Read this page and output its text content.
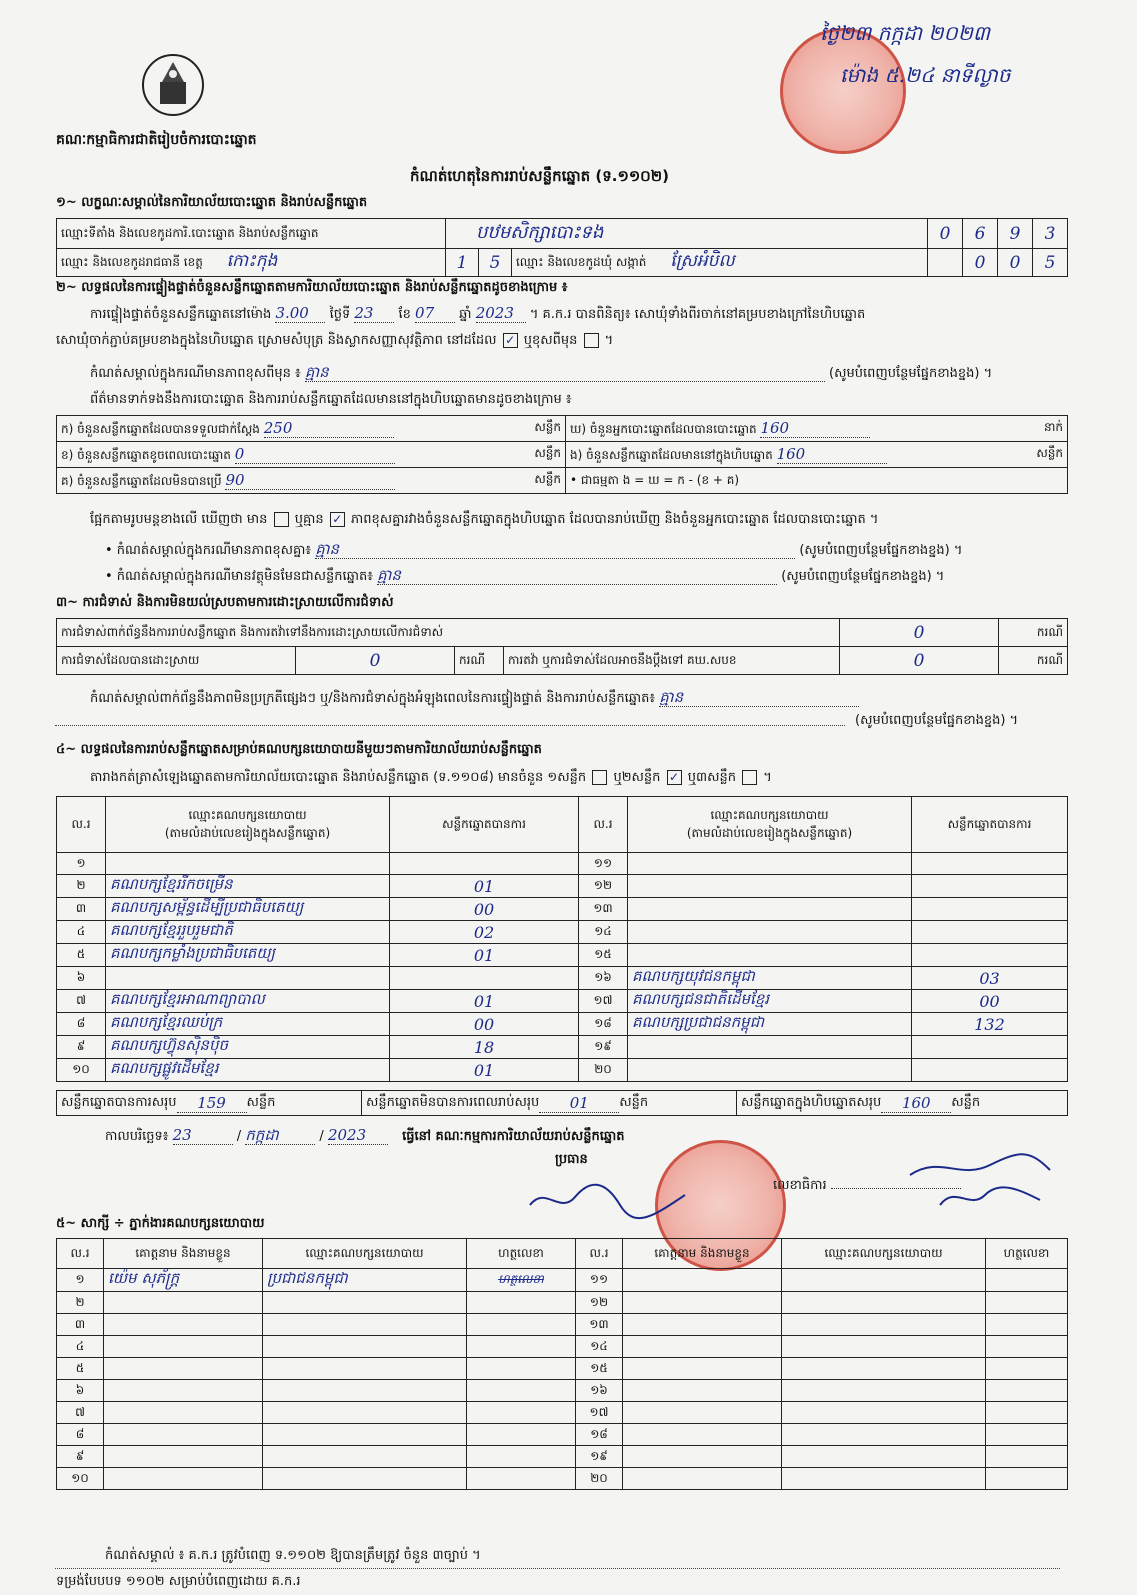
គណៈកម្មាធិការជាតិរៀបចំការបោះឆ្នោត
ថ្ងៃ២៣ កក្កដា ២០២៣
ម៉ោង ៥.២៤ នាទីល្ងាច
កំណត់ហេតុនៃការរាប់សន្លឹកឆ្នោត (ទ.១១០២)
១~ លក្ខណៈសម្គាល់នៃការិយាល័យបោះឆ្នោត និងរាប់សន្លឹកឆ្នោត
ឈ្មោះទីតាំង និងលេខកូដការិ.បោះឆ្នោត និងរាប់សន្លឹកឆ្នោត	បឋមសិក្សាបោះទង			0	6	9	3
ឈ្មោះ និងលេខកូដរាជធានី ខេត្ត កោះកុង	1	5	ឈ្មោះ និងលេខកូដឃុំ សង្កាត់ ស្រែអំបិល		0	0	5
២~ លទ្ធផលនៃការផ្ទៀងផ្ទាត់ចំនួនសន្លឹកឆ្នោតតាមការិយាល័យបោះឆ្នោត និងរាប់សន្លឹកឆ្នោតដូចខាងក្រោម ៖
ការផ្ទៀងផ្ទាត់ចំនួនសន្លឹកឆ្នោតនៅម៉ោង 3.00 ថ្ងៃទី 23 ខែ 07 ឆ្នាំ 2023 ។ គ.ក.រ បានពិនិត្យ៖ សោឃុំទាំងពីរចាក់នៅគម្របខាងក្រៅនៃហិបឆ្នោត
សោឃុំចាក់ភ្ជាប់គម្របខាងក្នុងនៃហិបឆ្នោត ស្រោមសំបុត្រ និងស្លាកសញ្ញាសុវត្ថិភាព នៅដដែល ✓ ឬខុសពីមុន  ។
កំណត់សម្គាល់ក្នុងករណីមានភាពខុសពីមុន ៖ គ្មាន	(សូមបំពេញបន្ថែមផ្នែកខាងខ្នង) ។
ព័ត៌មានទាក់ទងនឹងការបោះឆ្នោត និងការរាប់សន្លឹកឆ្នោតដែលមាននៅក្នុងហិបឆ្នោតមានដូចខាងក្រោម ៖
ក) ចំនួនសន្លឹកឆ្នោតដែលបានទទួលជាក់ស្តែង 250 សន្លឹក	ឃ) ចំនួនអ្នកបោះឆ្នោតដែលបានបោះឆ្នោត 160 នាក់

ខ) ចំនួនសន្លឹកឆ្នោតខូចពេលបោះឆ្នោត 0 សន្លឹក	ង) ចំនួនសន្លឹកឆ្នោតដែលមាននៅក្នុងហិបឆ្នោត 160 សន្លឹក

គ) ចំនួនសន្លឹកឆ្នោតដែលមិនបានប្រើ 90 សន្លឹក	• ជាធម្មតា ង = ឃ = ក - (ខ + គ)
ផ្អែកតាមរូបមន្តខាងលើ ឃើញថា មាន ឬគ្មាន ✓ ភាពខុសគ្នារវាងចំនួនសន្លឹកឆ្នោតក្នុងហិបឆ្នោត ដែលបានរាប់ឃើញ និងចំនួនអ្នកបោះឆ្នោត ដែលបានបោះឆ្នោត ។
• កំណត់សម្គាល់ក្នុងករណីមានភាពខុសគ្នា៖ គ្មាន	(សូមបំពេញបន្ថែមផ្នែកខាងខ្នង) ។
• កំណត់សម្គាល់ក្នុងករណីមានវត្ថុមិនមែនជាសន្លឹកឆ្នោត៖ គ្មាន	(សូមបំពេញបន្ថែមផ្នែកខាងខ្នង) ។
៣~ ការជំទាស់ និងការមិនយល់ស្របតាមការដោះស្រាយលើការជំទាស់
ការជំទាស់ពាក់ព័ន្ធនឹងការរាប់សន្លឹកឆ្នោត និងការតវ៉ាទៅនឹងការដោះស្រាយលើការជំទាស់				0	ករណី
ការជំទាស់ដែលបានដោះស្រាយ	0	ករណី	ការតវ៉ា ឬការជំទាស់ដែលអាចនឹងប្តឹងទៅ គឃ.សបខ	0	ករណី
កំណត់សម្គាល់ពាក់ព័ន្ធនឹងភាពមិនប្រក្រតីផ្សេងៗ ឬ/និងការជំទាស់ក្នុងអំឡុងពេលនៃការផ្ទៀងផ្ទាត់ និងការរាប់សន្លឹកឆ្នោត៖ គ្មាន
(សូមបំពេញបន្ថែមផ្នែកខាងខ្នង) ។
៤~ លទ្ធផលនៃការរាប់សន្លឹកឆ្នោតសម្រាប់គណបក្សនយោបាយនីមួយៗតាមការិយាល័យរាប់សន្លឹកឆ្នោត
តារាងកត់ត្រាសំឡេងឆ្នោតតាមការិយាល័យបោះឆ្នោត និងរាប់សន្លឹកឆ្នោត (ទ.១១០៨) មានចំនួន ១សន្លឹក ឬ២សន្លឹក ✓ ឬ៣សន្លឹក  ។
ល.រ	ឈ្មោះគណបក្សនយោបាយ
(តាមលំដាប់លេខរៀងក្នុងសន្លឹកឆ្នោត)	សន្លឹកឆ្នោតបានការ	ល.រ	ឈ្មោះគណបក្សនយោបាយ
(តាមលំដាប់លេខរៀងក្នុងសន្លឹកឆ្នោត)	សន្លឹកឆ្នោតបានការ
១			១១		
២	គណបក្សខ្មែររីកចម្រើន	01	១២		
៣	គណបក្សសម្ព័ន្ធដើម្បីប្រជាធិបតេយ្យ	00	១៣		
៤	គណបក្សខ្មែររួបរួមជាតិ	02	១៤		
៥	គណបក្សកម្លាំងប្រជាធិបតេយ្យ	01	១៥		
៦			១៦	គណបក្សយុវជនកម្ពុជា	03
៧	គណបក្សខ្មែរអាណាព្យាបាល	01	១៧	គណបក្សជនជាតិដើមខ្មែរ	00
៨	គណបក្សខ្មែរឈប់ក្រ	00	១៨	គណបក្សប្រជាជនកម្ពុជា	132
៩	គណបក្សហ៊្វុនស៊ិនប៉ិច	18	១៩		
១០	គណបក្សផ្លូវដើមខ្មែរ	01	២០		
សន្លឹកឆ្នោតបានការសរុប	159	សន្លឹក	សន្លឹកឆ្នោតមិនបានការពេលរាប់សរុប	01	សន្លឹក	សន្លឹកឆ្នោតក្នុងហិបឆ្នោតសរុប	160	សន្លឹក
កាលបរិច្ឆេទ៖ 23	/ កក្កដា	/ 2023	ធ្វើនៅ គណៈកម្មការការិយាល័យរាប់សន្លឹកឆ្នោត
ប្រធាន
លេខាធិការ
៥~ សាក្សី ÷ ភ្នាក់ងារគណបក្សនយោបាយ
ល.រ	គោត្តនាម និងនាមខ្លួន	ឈ្មោះគណបក្សនយោបាយ	ហត្ថលេខា	ល.រ	គោត្តនាម និងនាមខ្លួន	ឈ្មោះគណបក្សនយោបាយ	ហត្ថលេខា
១	យ៉េម សុភ័ក្ត្រ	ប្រជាជនកម្ពុជា	ហត្ថលេខា	១១			
២				១២			
៣				១៣			
៤				១៤			
៥				១៥			
៦				១៦			
៧				១៧			
៨				១៨			
៩				១៩			
១០				២០			
កំណត់សម្គាល់ ៖ គ.ក.រ ត្រូវបំពេញ ទ.១១០២ ឱ្យបានត្រឹមត្រូវ ចំនួន ៣ច្បាប់ ។
ទម្រង់បែបបទ ១១០២ សម្រាប់បំពេញដោយ គ.ក.រ
